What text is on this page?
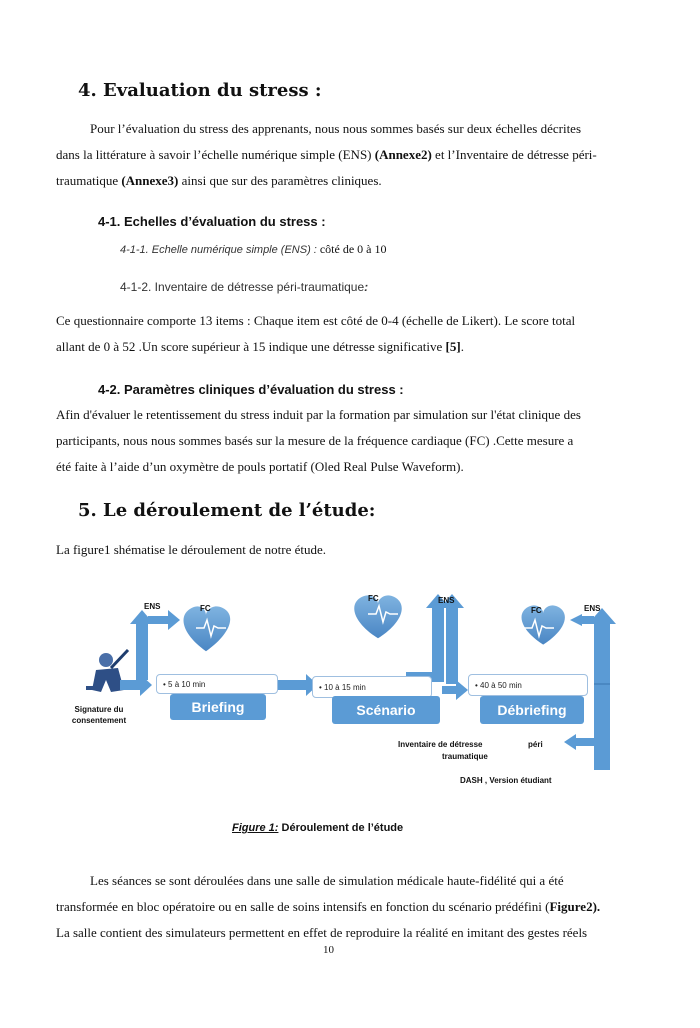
4. Evaluation du stress :
Pour l’évaluation du stress des apprenants, nous nous sommes basés sur deux échelles décrites
dans la littérature à savoir l’échelle numérique simple (ENS) (Annexe2) et l’Inventaire de détresse péri-
traumatique (Annexe3) ainsi que sur des paramètres cliniques.
4-1. Echelles d’évaluation du stress :
4-1-1. Echelle numérique simple (ENS) : côté de 0 à 10
4-1-2. Inventaire de détresse péri-traumatique:
Ce questionnaire comporte 13 items : Chaque item est côté de 0-4 (échelle de Likert). Le score total
allant de 0 à 52 .Un score supérieur à 15 indique une détresse significative [5].
4-2. Paramètres cliniques d’évaluation du stress :
Afin d'évaluer le retentissement du stress induit par la formation par simulation sur l'état clinique des
participants, nous nous sommes basés sur la mesure de la fréquence cardiaque (FC) .Cette mesure a
été faite à l’aide d’un oxymètre de pouls portatif (Oled Real Pulse Waveform).
5. Le déroulement de l’étude:
La figure1 shématise le déroulement de notre étude.
ENS	FC
FC	ENS
FC	ENS
Signature du
consentement
• 5 à 10 min
Briefing
• 10 à 15 min
Scénario
• 40 à 50 min
Débriefing
Inventaire de détresse	péri
traumatique
DASH , Version étudiant
Figure 1: Déroulement de l’étude
Les séances se sont déroulées dans une salle de simulation médicale haute-fidélité qui a été
transformée en bloc opératoire ou en salle de soins intensifs en fonction du scénario prédéfini (Figure2).
La salle contient des simulateurs permettent en effet de reproduire la réalité en imitant des gestes réels
10
